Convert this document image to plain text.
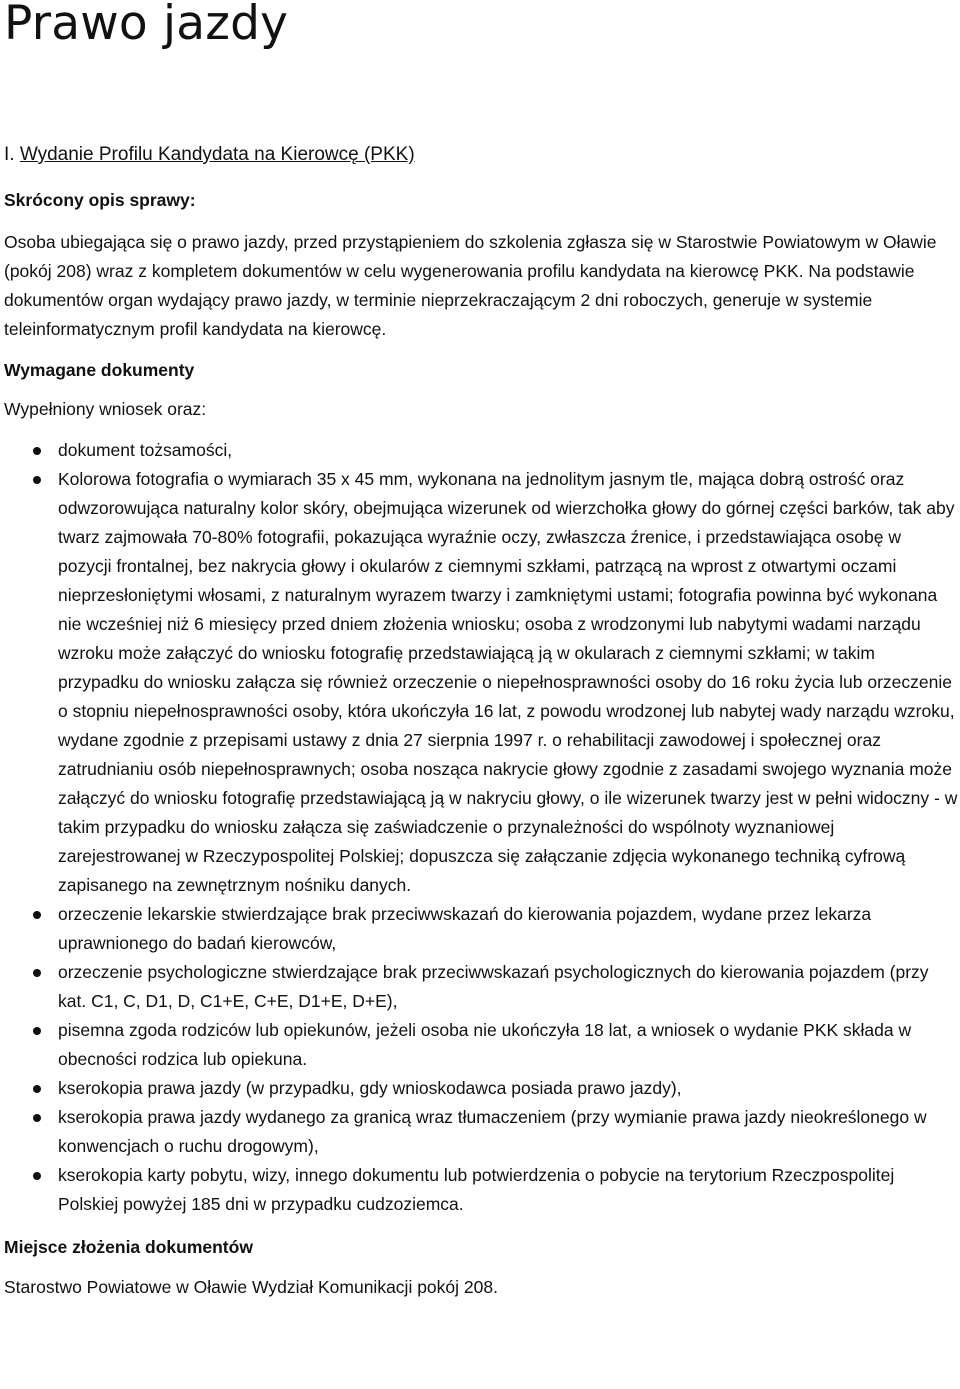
Prawo jazdy
I. Wydanie Profilu Kandydata na Kierowcę (PKK)
Skrócony opis sprawy:

Osoba ubiegająca się o prawo jazdy, przed przystąpieniem do szkolenia zgłasza się w Starostwie Powiatowym w Oławie (pokój 208) wraz z kompletem dokumentów w celu wygenerowania profilu kandydata na kierowcę PKK. Na podstawie dokumentów organ wydający prawo jazdy, w terminie nieprzekraczającym 2 dni roboczych, generuje w systemie teleinformatycznym profil kandydata na kierowcę.

Wymagane dokumenty
Wypełniony wniosek oraz:
dokument tożsamości,
Kolorowa fotografia o wymiarach 35 x 45 mm, wykonana na jednolitym jasnym tle, mająca dobrą ostrość oraz odwzorowująca naturalny kolor skóry, obejmująca wizerunek od wierzchołka głowy do górnej części barków, tak aby twarz zajmowała 70-80% fotografii, pokazująca wyraźnie oczy, zwłaszcza źrenice, i przedstawiająca osobę w pozycji frontalnej, bez nakrycia głowy i okularów z ciemnymi szkłami, patrzącą na wprost z otwartymi oczami nieprzesłoniętymi włosami, z naturalnym wyrazem twarzy i zamkniętymi ustami; fotografia powinna być wykonana nie wcześniej niż 6 miesięcy przed dniem złożenia wniosku; osoba z wrodzonymi lub nabytymi wadami narządu wzroku może załączyć do wniosku fotografię przedstawiającą ją w okularach z ciemnymi szkłami; w takim przypadku do wniosku załącza się również orzeczenie o niepełnosprawności osoby do 16 roku życia lub orzeczenie o stopniu niepełnosprawności osoby, która ukończyła 16 lat, z powodu wrodzonej lub nabytej wady narządu wzroku, wydane zgodnie z przepisami ustawy z dnia 27 sierpnia 1997 r. o rehabilitacji zawodowej i społecznej oraz zatrudnianiu osób niepełnosprawnych; osoba nosząca nakrycie głowy zgodnie z zasadami swojego wyznania może załączyć do wniosku fotografię przedstawiającą ją w nakryciu głowy, o ile wizerunek twarzy jest w pełni widoczny - w takim przypadku do wniosku załącza się zaświadczenie o przynależności do wspólnoty wyznaniowej zarejestrowanej w Rzeczypospolitej Polskiej; dopuszcza się załączanie zdjęcia wykonanego techniką cyfrową zapisanego na zewnętrznym nośniku danych.
orzeczenie lekarskie stwierdzające brak przeciwwskazań do kierowania pojazdem, wydane przez lekarza uprawnionego do badań kierowców,
orzeczenie psychologiczne stwierdzające brak przeciwwskazań psychologicznych do kierowania pojazdem (przy kat. C1, C, D1, D, C1+E, C+E, D1+E, D+E),
pisemna zgoda rodziców lub opiekunów, jeżeli osoba nie ukończyła 18 lat, a wniosek o wydanie PKK składa w obecności rodzica lub opiekuna.
kserokopia prawa jazdy (w przypadku, gdy wnioskodawca posiada prawo jazdy),
kserokopia prawa jazdy wydanego za granicą wraz tłumaczeniem (przy wymianie prawa jazdy nieokreślonego w konwencjach o ruchu drogowym),
kserokopia karty pobytu, wizy, innego dokumentu lub potwierdzenia o pobycie na terytorium Rzeczpospolitej Polskiej powyżej 185 dni w przypadku cudzoziemca.
Miejsce złożenia dokumentów
Starostwo Powiatowe w Oławie Wydział Komunikacji pokój 208.
